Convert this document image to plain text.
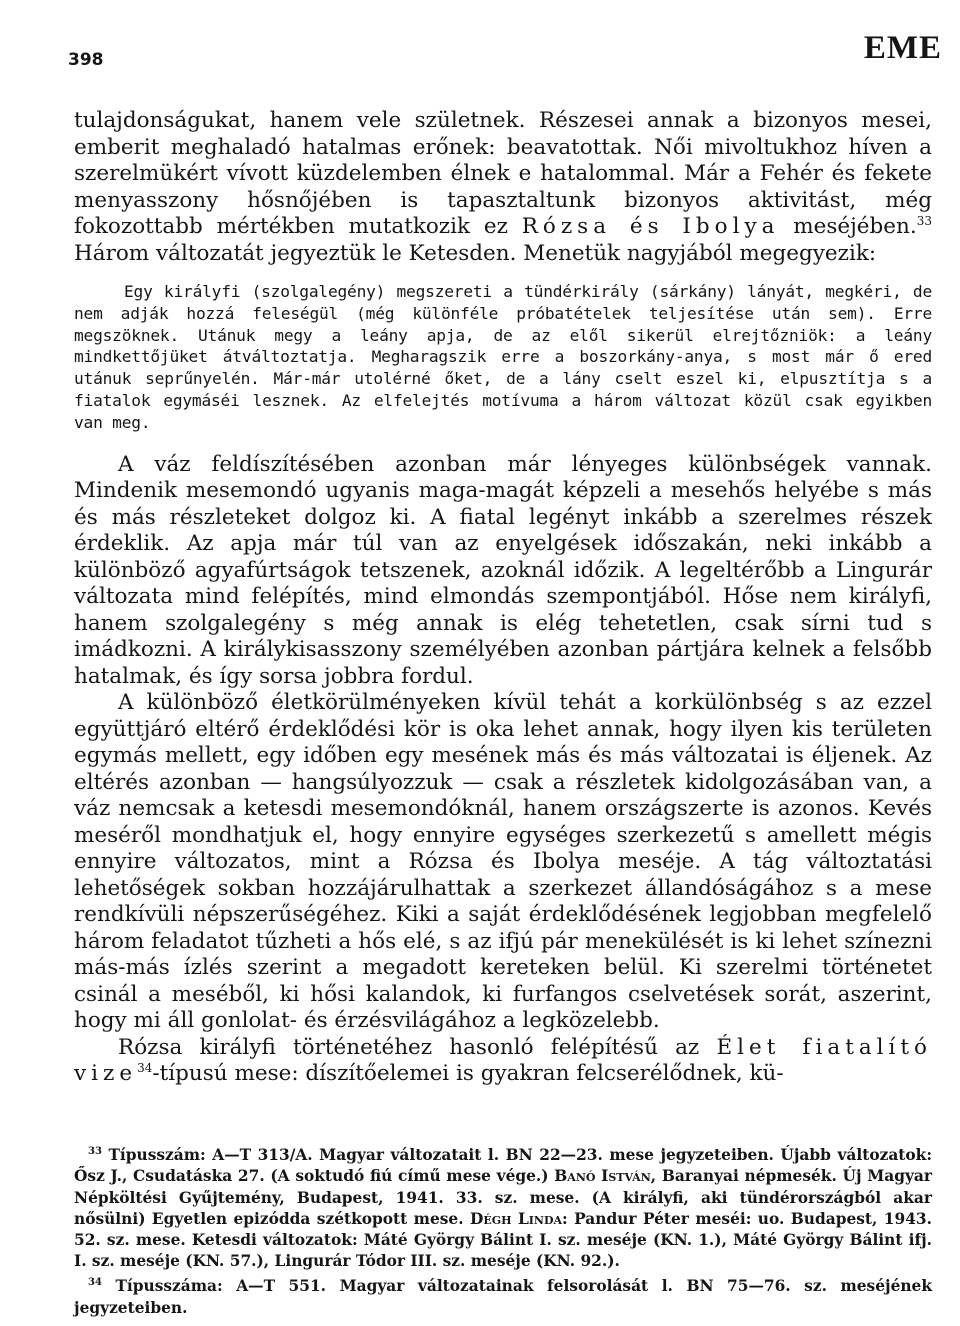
398	EME

tulajdonságukat, hanem vele születnek. Részesei annak a bizonyos mesei, emberit meghaladó hatalmas erőnek: beavatottak. Női mivoltukhoz híven a szerelmükért vívott küzdelemben élnek e hatalommal. Már a Fehér és fekete menyasszony hősnőjében is tapasztaltunk bizonyos aktivitást, még fokozottabb mértékben mutatkozik ez Rózsa és Ibolya meséjében.$^{33}$ Három változatát jegyeztük le Ketesden. Menetük nagyjából megegyezik:

Egy királyfi (szolgalegény) megszereti a tündérkirály (sárkány) lányát, megkéri, de nem adják hozzá feleségül (még különféle próbatételek teljesítése után sem). Erre megszöknek. Utánuk megy a leány apja, de az elől sikerül elrejtőzniök: a leány mindkettőjüket átváltoztatja. Megharagszik erre a boszorkány-anya, s most már ő ered utánuk seprűnyelén. Már-már utolérné őket, de a lány cselt eszel ki, elpusztítja s a fiatalok egymáséi lesznek. Az elfelejtés motívuma a három változat közül csak egyikben van meg.

A váz feldíszítésében azonban már lényeges különbségek vannak. Mindenik mesemondó ugyanis maga-magát képzeli a mesehős helyébe s más és más részleteket dolgoz ki. A fiatal legényt inkább a szerelmes részek érdeklik. Az apja már túl van az enyelgések időszakán, neki inkább a különböző agyafúrtságok tetszenek, azoknál időzik. A legeltérőbb a Lingurár változata mind felépítés, mind elmondás szempontjából. Hőse nem királyfi, hanem szolgalegény s még annak is elég tehetetlen, csak sírni tud s imádkozni. A királykisasszony személyében azonban pártjára kelnek a felsőbb hatalmak, és így sorsa jobbra fordul.

A különböző életkörülményeken kívül tehát a korkülönbség s az ezzel együttjáró eltérő érdeklődési kör is oka lehet annak, hogy ilyen kis területen egymás mellett, egy időben egy mesének más és más változatai is éljenek. Az eltérés azonban — hangsúlyozzuk — csak a részletek kidolgozásában van, a váz nemcsak a ketesdi mesemondóknál, hanem országszerte is azonos. Kevés meséről mondhatjuk el, hogy ennyire egységes szerkezetű s amellett mégis ennyire változatos, mint a Rózsa és Ibolya meséje. A tág változtatási lehetőségek sokban hozzájárulhattak a szerkezet állandóságához s a mese rendkívüli népszerűségéhez. Kiki a saját érdeklődésének legjobban megfelelő három feladatot tűzheti a hős elé, s az ifjú pár menekülését is ki lehet színezni más-más ízlés szerint a megadott kereteken belül. Ki szerelmi történetet csinál a meséből, ki hősi kalandok, ki furfangos cselvetések sorát, aszerint, hogy mi áll gonlolat- és érzésvilágához a legközelebb.

Rózsa királyfi történetéhez hasonló felépítésű az Élet fiatalító vize$^{34}$-típusú mese: díszítőelemei is gyakran felcserélődnek, kü-

$^{33}$ Típusszám: A—T 313/A. Magyar változatait l. BN 22—23. mese jegyzeteiben. Újabb változatok: Ősz J., Csudatáska 27. (A soktudó fiú című mese vége.) Banó István, Baranyai népmesék. Új Magyar Népköltési Gyűjtemény, Budapest, 1941. 33. sz. mese. (A királyfi, aki tündérországból akar nősülni) Egyetlen epizódda szétkopott mese. Dégh Linda: Pandur Péter meséi: uo. Budapest, 1943. 52. sz. mese. Ketesdi változatok: Máté György Bálint I. sz. meséje (KN. 1.), Máté György Bálint ifj. I. sz. meséje (KN. 57.), Lingurár Tódor III. sz. meséje (KN. 92.).

$^{34}$ Típusszáma: A—T 551. Magyar változatainak felsorolását l. BN 75—76. sz. meséjének jegyzeteiben.
